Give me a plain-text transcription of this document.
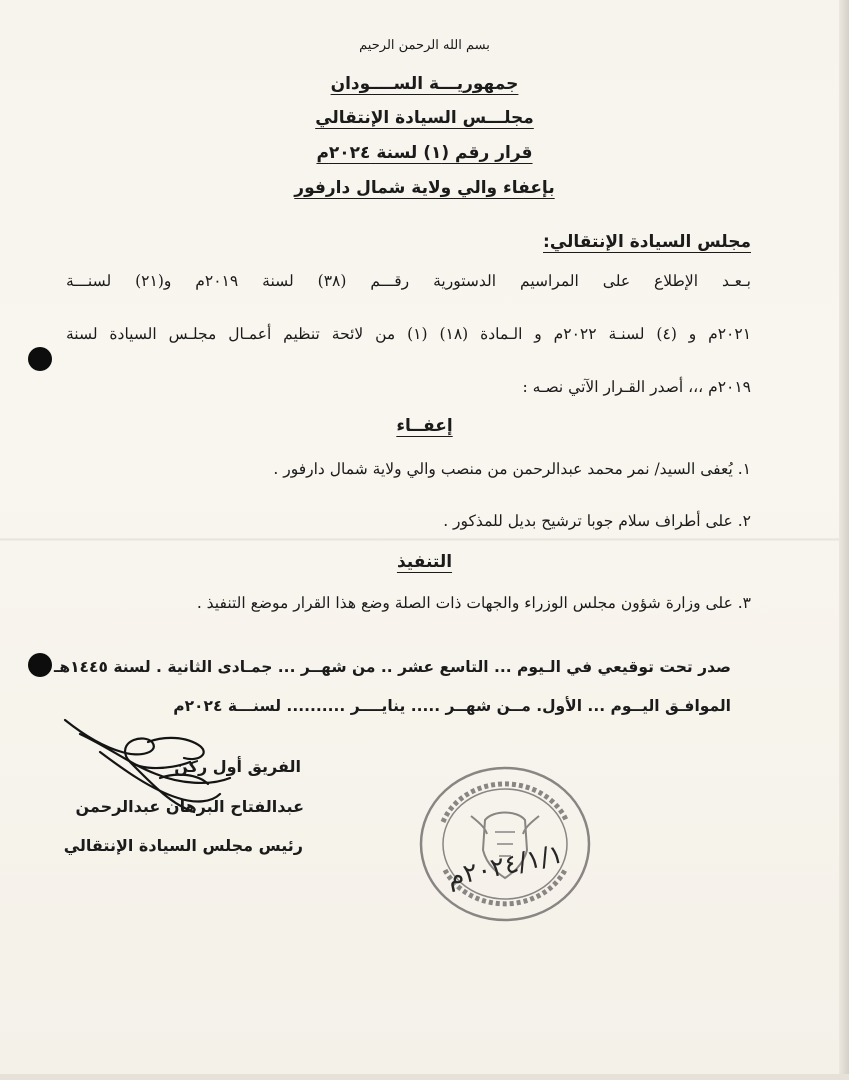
بسم الله الرحمن الرحيم
جمهوريـــة الســــودان
مجلـــس السيادة الإنتقالي
قرار رقم (١) لسنة ٢٠٢٤م
بإعفاء والي ولاية شمال دارفور
مجلس السيادة الإنتقالي:
بـعـد الإطلاع على المراسيم الدستورية رقـــم (٣٨) لسنة ٢٠١٩م و(٢١) لسنـــة
٢٠٢١م و (٤) لسنـة ٢٠٢٢م و الـمادة (١٨) (١) من لائحة تنظيم أعمـال مجلـس السيادة لسنة
٢٠١٩م ،،، أصدر القـرار الآتي نصـه :
إعفــاء
١. يُعفى السيد/ نمر محمد عبدالرحمن من منصب والي ولاية شمال دارفور .
٢. على أطراف سلام جوبا ترشيح بديل للمذكور .
التنفيذ
٣. على وزارة شؤون مجلس الوزراء والجهات ذات الصلة وضع هذا القرار موضع التنفيذ .
صدر تحت توقيعي في الـيوم ... التاسع عشر .. من شهــر ... جمـادى الثانية . لسنة ١٤٤٥هـ
الموافـق اليــوم ... الأول. مــن شهــر ..... ينايــــر .......... لسنـــة ٢٠٢٤م
الفريق أول ركن
عبدالفتاح البرهان عبدالرحمن
رئيس مجلس السيادة الإنتقالي
٢٠٢٤/١/١م
